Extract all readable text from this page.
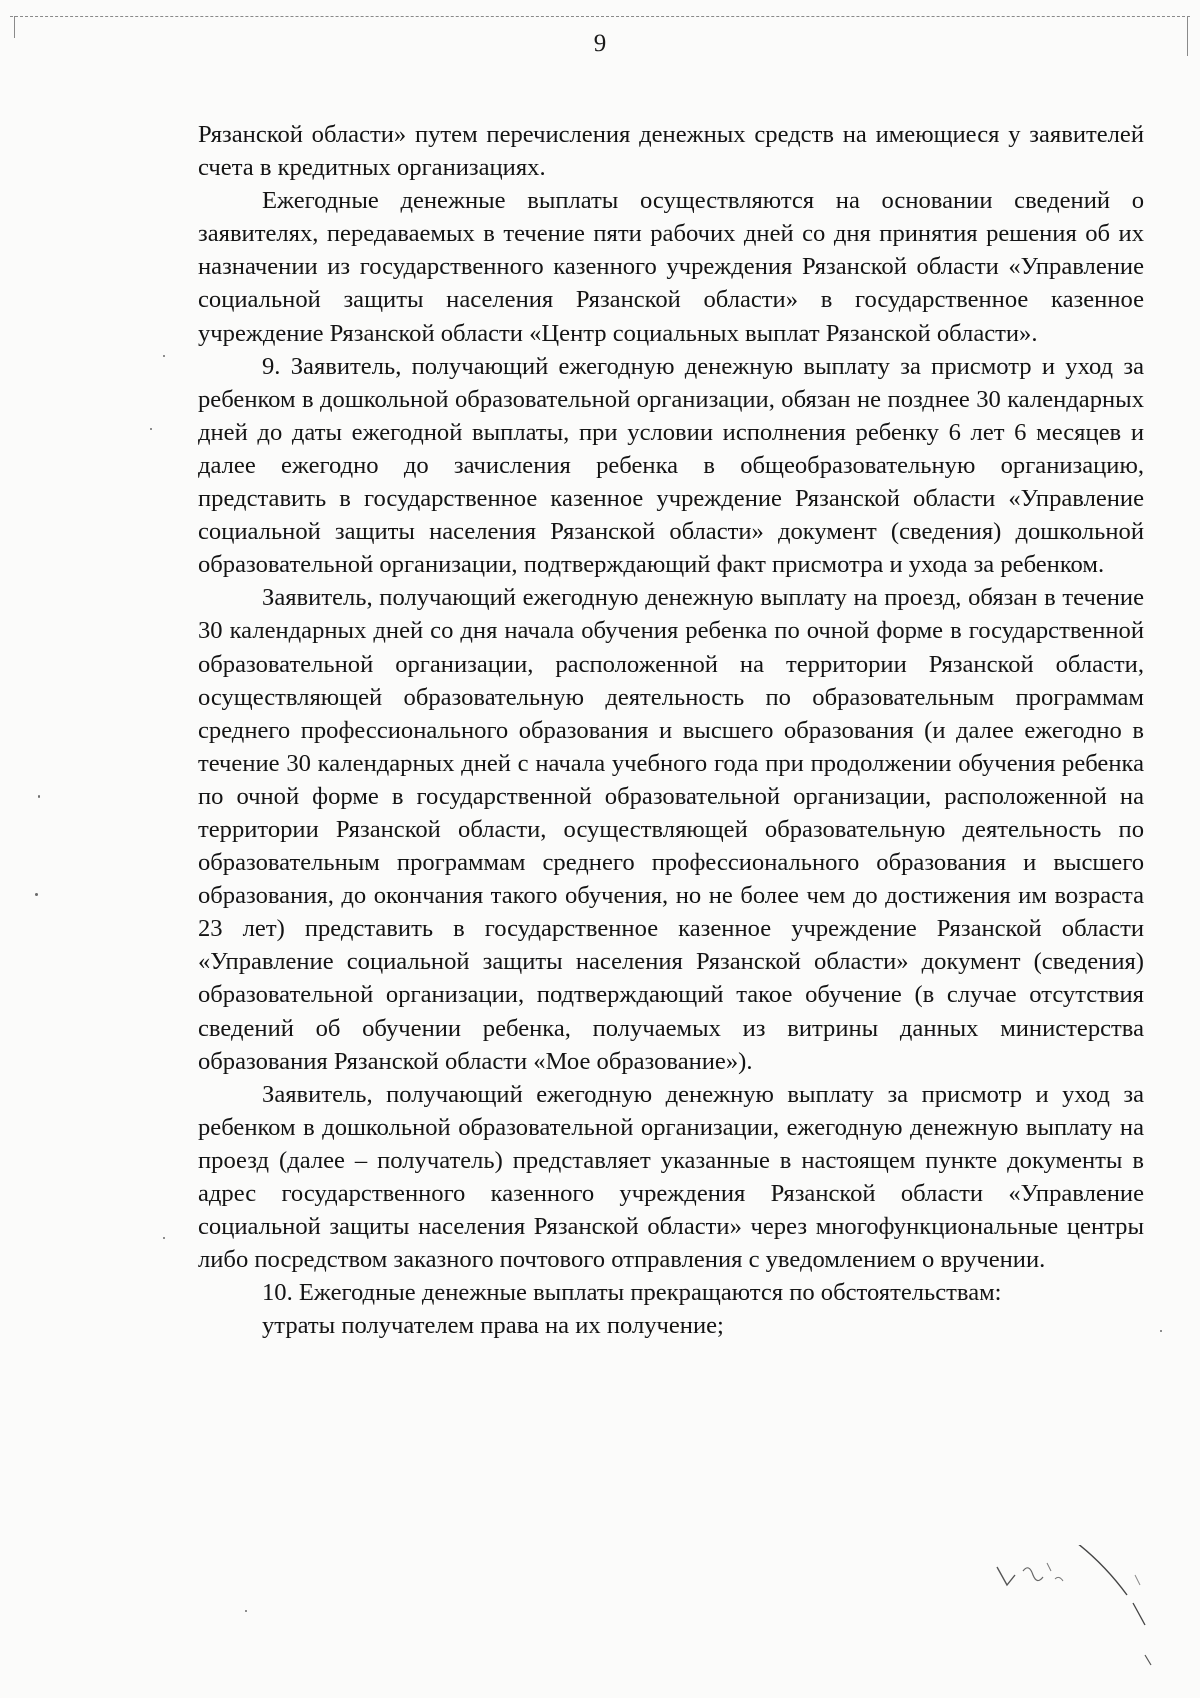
9

Рязанской области» путем перечисления денежных средств на имеющиеся у заявителей счета в кредитных организациях.

Ежегодные денежные выплаты осуществляются на основании сведений о заявителях, передаваемых в течение пяти рабочих дней со дня принятия решения об их назначении из государственного казенного учреждения Рязанской области «Управление социальной защиты населения Рязанской области» в государственное казенное учреждение Рязанской области «Центр социальных выплат Рязанской области».

9. Заявитель, получающий ежегодную денежную выплату за присмотр и уход за ребенком в дошкольной образовательной организации, обязан не позднее 30 календарных дней до даты ежегодной выплаты, при условии исполнения ребенку 6 лет 6 месяцев и далее ежегодно до зачисления ребенка в общеобразовательную организацию, представить в государственное казенное учреждение Рязанской области «Управление социальной защиты населения Рязанской области» документ (сведения) дошкольной образовательной организации, подтверждающий факт присмотра и ухода за ребенком.

Заявитель, получающий ежегодную денежную выплату на проезд, обязан в течение 30 календарных дней со дня начала обучения ребенка по очной форме в государственной образовательной организации, расположенной на территории Рязанской области, осуществляющей образовательную деятельность по образовательным программам среднего профессионального образования и высшего образования (и далее ежегодно в течение 30 календарных дней с начала учебного года при продолжении обучения ребенка по очной форме в государственной образовательной организации, расположенной на территории Рязанской области, осуществляющей образовательную деятельность по образовательным программам среднего профессионального образования и высшего образования, до окончания такого обучения, но не более чем до достижения им возраста 23 лет) представить в государственное казенное учреждение Рязанской области «Управление социальной защиты населения Рязанской области» документ (сведения) образовательной организации, подтверждающий такое обучение (в случае отсутствия сведений об обучении ребенка, получаемых из витрины данных министерства образования Рязанской области «Мое образование»).

Заявитель, получающий ежегодную денежную выплату за присмотр и уход за ребенком в дошкольной образовательной организации, ежегодную денежную выплату на проезд (далее – получатель) представляет указанные в настоящем пункте документы в адрес государственного казенного учреждения Рязанской области «Управление социальной защиты населения Рязанской области» через многофункциональные центры либо посредством заказного почтового отправления с уведомлением о вручении.

10. Ежегодные денежные выплаты прекращаются по обстоятельствам:

утраты получателем права на их получение;
